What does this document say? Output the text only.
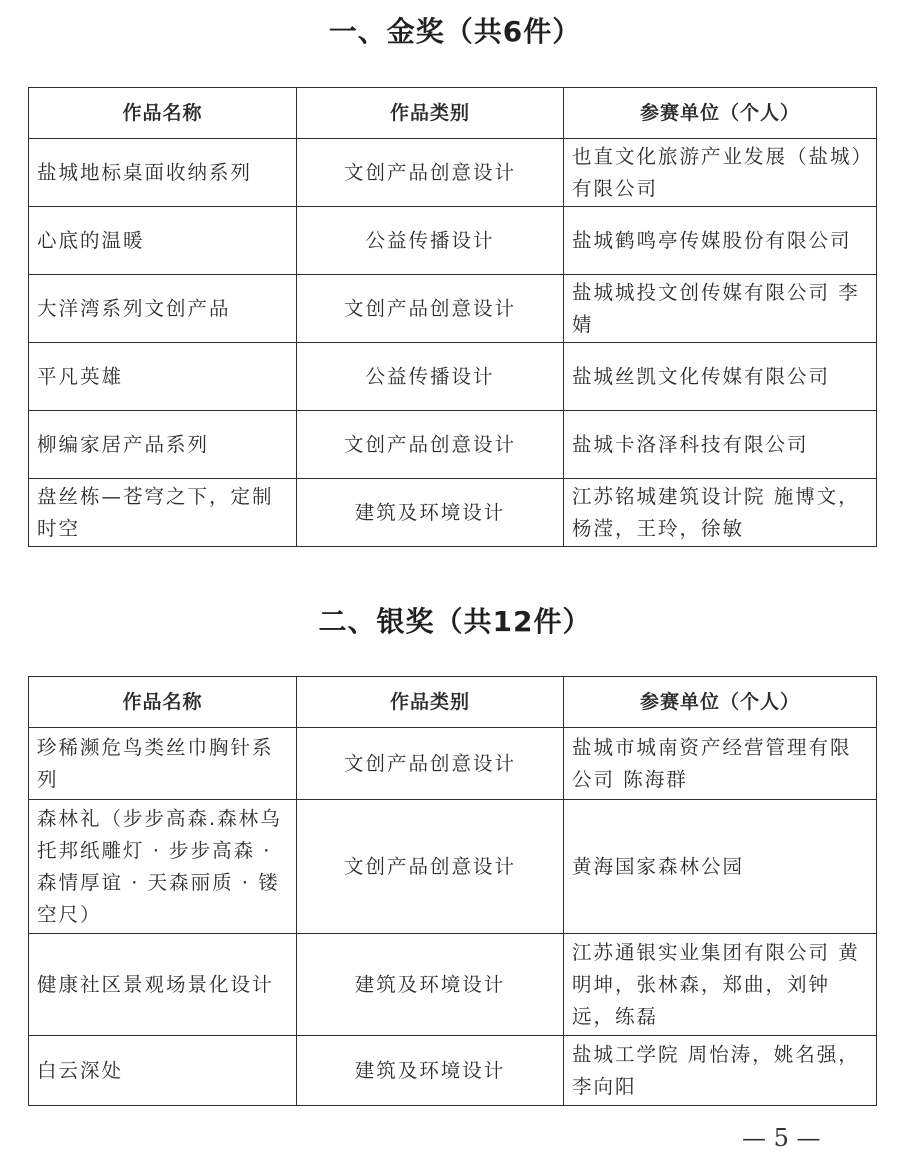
一、金奖（共6件）
作品名称	作品类别	参赛单位（个人）
盐城地标桌面收纳系列	文创产品创意设计	也直文化旅游产业发展（盐城）有限公司
心底的温暖	公益传播设计	盐城鹤鸣亭传媒股份有限公司
大洋湾系列文创产品	文创产品创意设计	盐城城投文创传媒有限公司 李婧
平凡英雄	公益传播设计	盐城丝凯文化传媒有限公司
柳编家居产品系列	文创产品创意设计	盐城卡洛泽科技有限公司
盘丝栋—苍穹之下，定制时空	建筑及环境设计	江苏铭城建筑设计院 施博文，杨滢，王玲，徐敏
二、银奖（共12件）
作品名称	作品类别	参赛单位（个人）
珍稀濒危鸟类丝巾胸针系列	文创产品创意设计	盐城市城南资产经营管理有限公司 陈海群
森林礼（步步高森.森林乌托邦纸雕灯 · 步步高森 · 森情厚谊 · 天森丽质 · 镂空尺）	文创产品创意设计	黄海国家森林公园
健康社区景观场景化设计	建筑及环境设计	江苏通银实业集团有限公司 黄明坤，张林森，郑曲，刘钟远，练磊
白云深处	建筑及环境设计	盐城工学院 周怡涛，姚名强，李向阳
— 5 —
